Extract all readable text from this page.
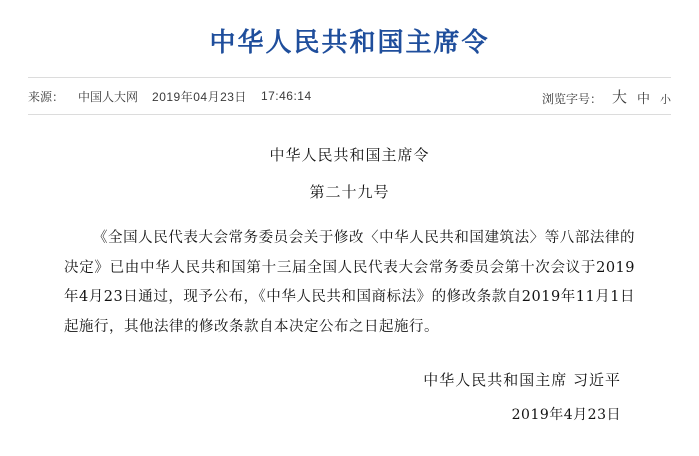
中华人民共和国主席令
来源： 中国人大网 2019年04月23日 17:46:14	浏览字号： 大 中 小
中华人民共和国主席令
第二十九号
《全国人民代表大会常务委员会关于修改〈中华人民共和国建筑法〉等八部法律的决定》已由中华人民共和国第十三届全国人民代表大会常务委员会第十次会议于2019年4月23日通过，现予公布，《中华人民共和国商标法》的修改条款自2019年11月1日起施行，其他法律的修改条款自本决定公布之日起施行。
中华人民共和国主席 习近平
2019年4月23日
